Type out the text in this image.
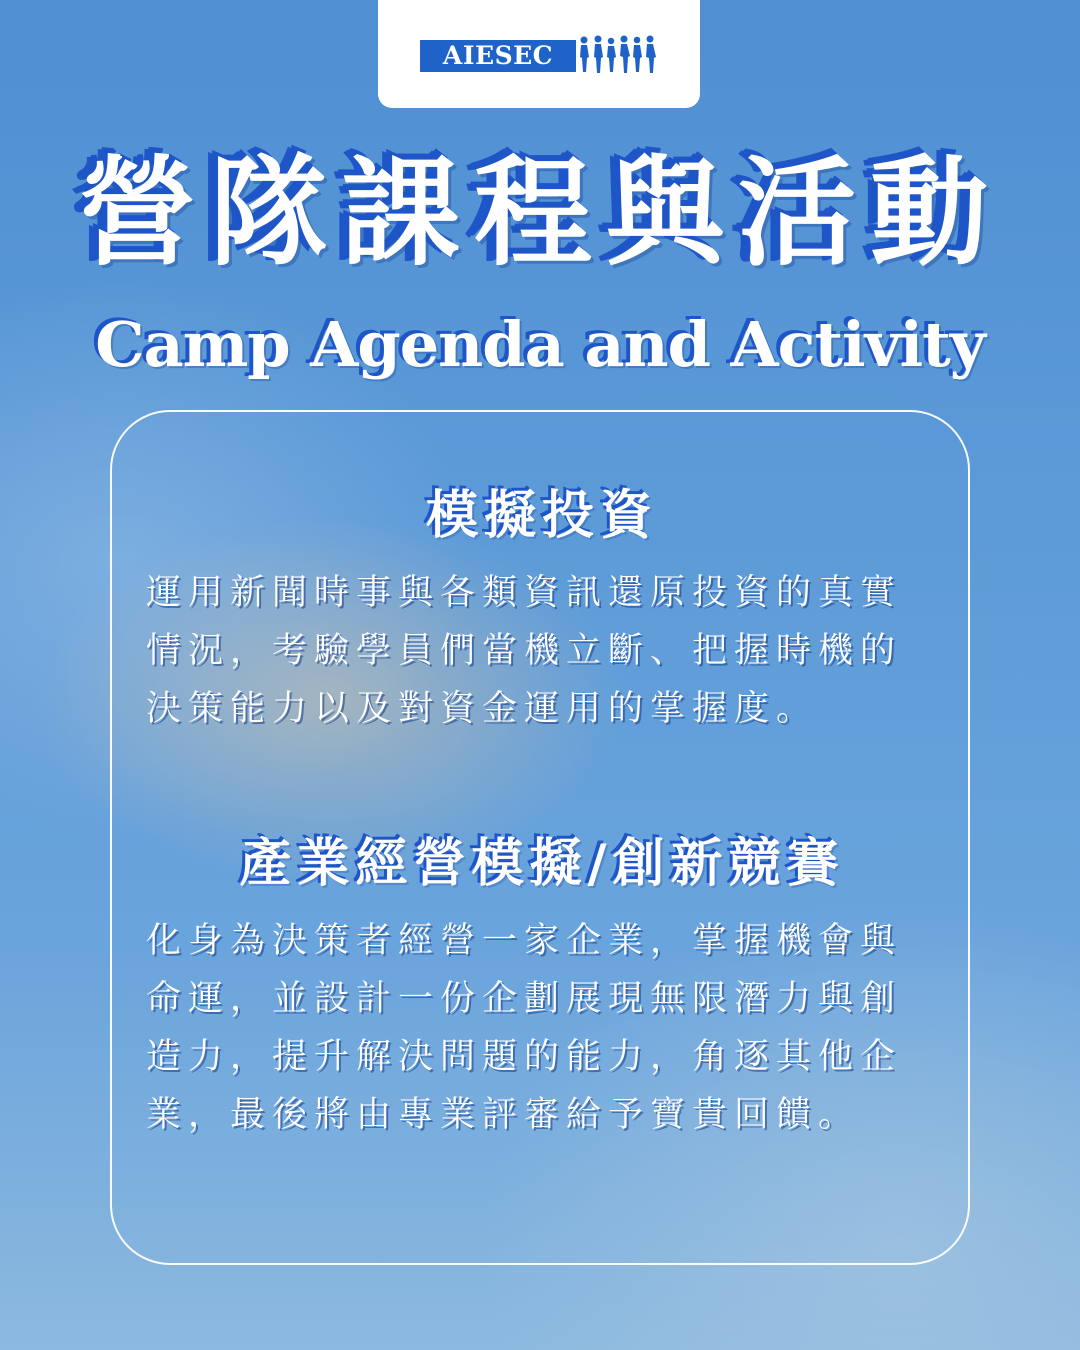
AIESEC
營隊課程與活動
Camp Agenda and Activity
模擬投資
運用新聞時事與各類資訊還原投資的真實
情況，考驗學員們當機立斷、把握時機的
決策能力以及對資金運用的掌握度。
產業經營模擬/創新競賽
化身為決策者經營一家企業，掌握機會與
命運，並設計一份企劃展現無限潛力與創
造力，提升解決問題的能力，角逐其他企
業，最後將由專業評審給予寶貴回饋。
